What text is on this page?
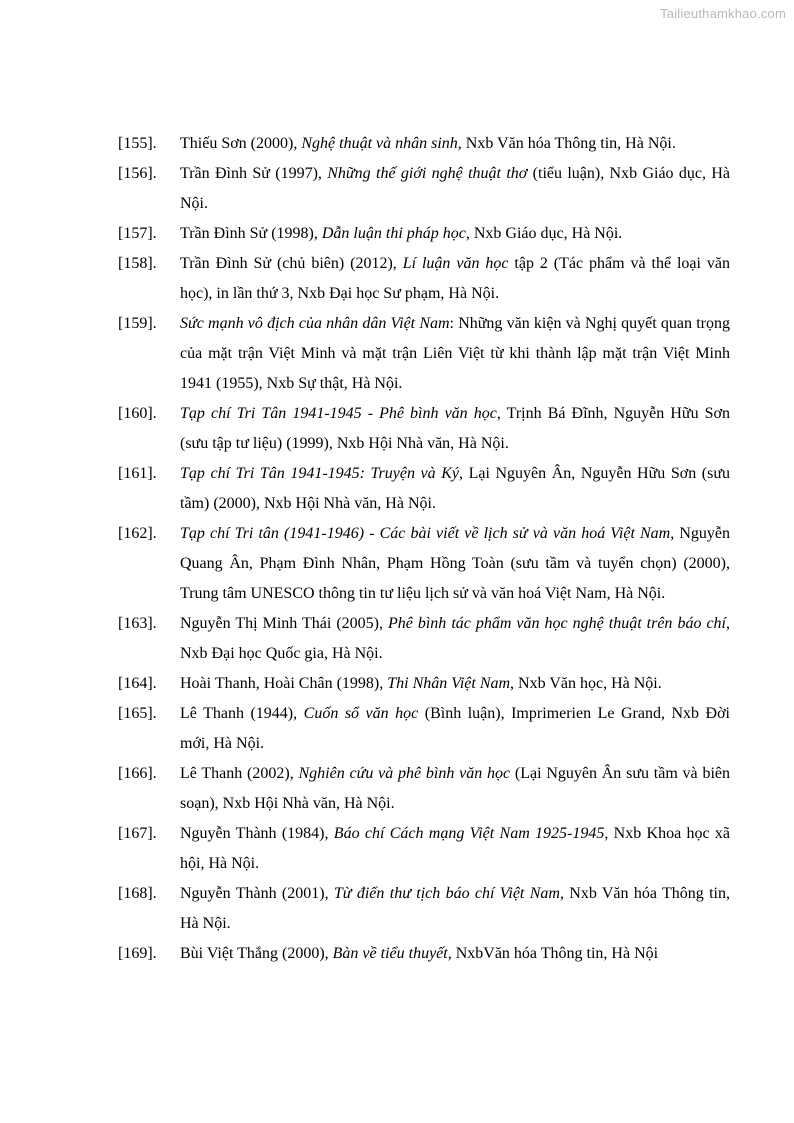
Tailieuthamkhao.com
[155].	Thiếu Sơn (2000), Nghệ thuật và nhân sinh, Nxb Văn hóa Thông tin, Hà Nội.
[156].	Trần Đình Sử (1997), Những thế giới nghệ thuật thơ (tiểu luận), Nxb Giáo dục, Hà Nội.
[157].	Trần Đình Sử (1998), Dẫn luận thi pháp học, Nxb Giáo dục, Hà Nội.
[158].	Trần Đình Sử (chủ biên) (2012), Lí luận văn học tập 2 (Tác phẩm và thể loại văn học), in lần thứ 3, Nxb Đại học Sư phạm, Hà Nội.
[159].	Sức mạnh vô địch của nhân dân Việt Nam: Những văn kiện và Nghị quyết quan trọng của mặt trận Việt Minh và mặt trận Liên Việt từ khi thành lập mặt trận Việt Minh 1941 (1955), Nxb Sự thật, Hà Nội.
[160].	Tạp chí Tri Tân 1941-1945 - Phê bình văn học, Trịnh Bá Đĩnh, Nguyễn Hữu Sơn (sưu tập tư liệu) (1999), Nxb Hội Nhà văn, Hà Nội.
[161].	Tạp chí Tri Tân 1941-1945: Truyện và Ký, Lại Nguyên Ân, Nguyễn Hữu Sơn (sưu tầm) (2000), Nxb Hội Nhà văn, Hà Nội.
[162].	Tạp chí Tri tân (1941-1946) - Các bài viết về lịch sử và văn hoá Việt Nam, Nguyễn Quang Ân, Phạm Đình Nhân, Phạm Hồng Toàn (sưu tầm và tuyển chọn) (2000), Trung tâm UNESCO thông tin tư liệu lịch sử và văn hoá Việt Nam, Hà Nội.
[163].	Nguyễn Thị Minh Thái (2005), Phê bình tác phẩm văn học nghệ thuật trên báo chí, Nxb Đại học Quốc gia, Hà Nội.
[164].	Hoài Thanh, Hoài Chân (1998), Thi Nhân Việt Nam, Nxb Văn học, Hà Nội.
[165].	Lê Thanh (1944), Cuốn sổ văn học (Bình luận), Imprimerien Le Grand, Nxb Đời mới, Hà Nội.
[166].	Lê Thanh (2002), Nghiên cứu và phê bình văn học (Lại Nguyên Ân sưu tầm và biên soạn), Nxb Hội Nhà văn, Hà Nội.
[167].	Nguyễn Thành (1984), Báo chí Cách mạng Việt Nam 1925-1945, Nxb Khoa học xã hội, Hà Nội.
[168].	Nguyễn Thành (2001), Từ điển thư tịch báo chí Việt Nam, Nxb Văn hóa Thông tin, Hà Nội.
[169].	Bùi Việt Thắng (2000), Bàn về tiểu thuyết, NxbVăn hóa Thông tin, Hà Nội
